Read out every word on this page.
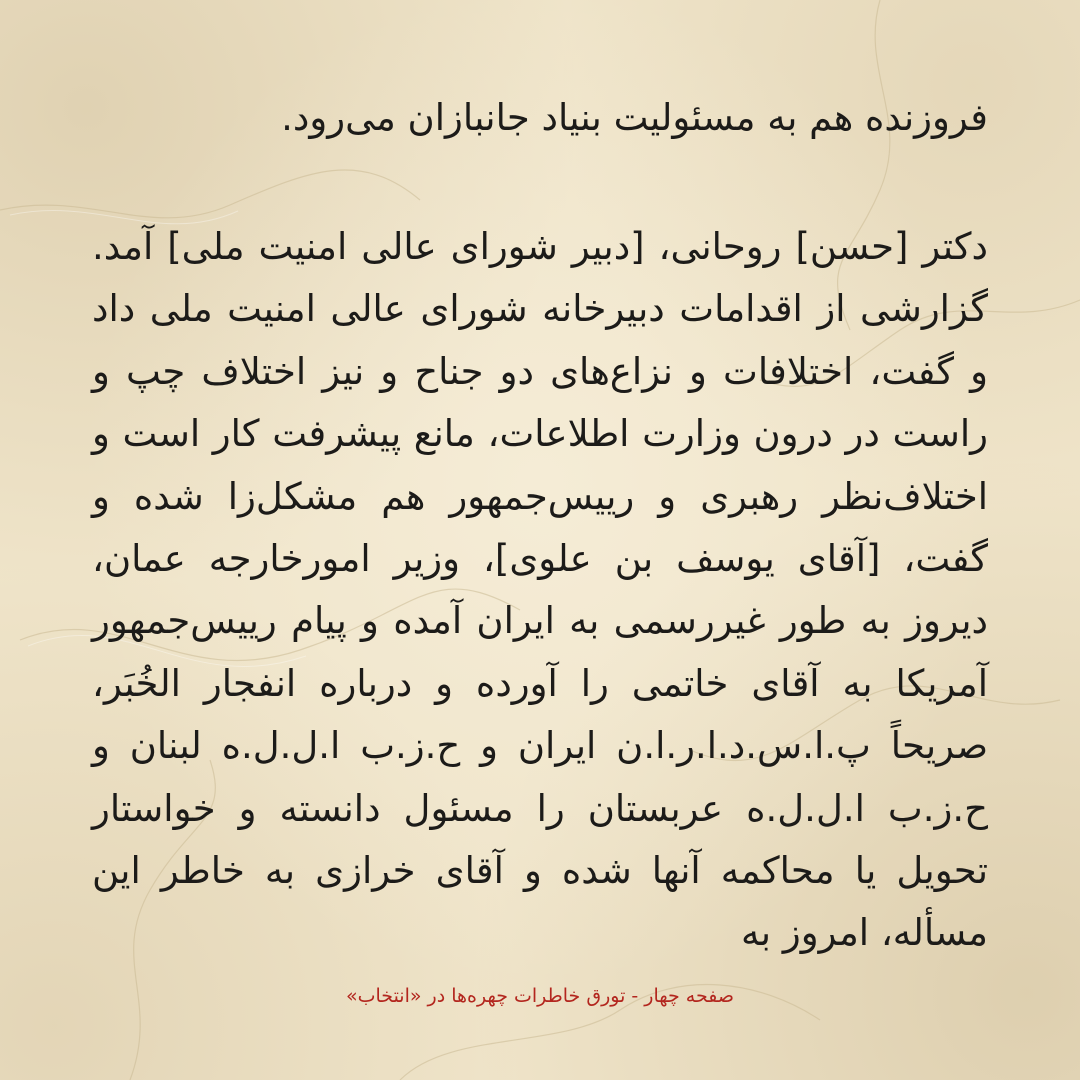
فروزنده هم به مسئولیت بنیاد جانبازان می‌رود.

دکتر [حسن] روحانی، [دبیر شورای عالی امنیت ملی] آمد. گزارشی از اقدامات دبیرخانه شورای عالی امنیت ملی داد و گفت، اختلافات و نزاع‌های دو جناح و نیز اختلاف چپ و راست در درون وزارت اطلاعات، مانع پیشرفت کار است و اختلاف‌نظر رهبری و رییس‌جمهور هم مشکل‌زا شده و گفت، [آقای یوسف بن علوی]، وزیر امورخارجه عمان، دیروز به طور غیررسمی به ایران آمده و پیام رییس‌جمهور آمریکا به آقای خاتمی را آورده و درباره انفجار الخُبَر، صریحاً پ.ا.س.د.ا.ر.ا.ن ایران و ح.ز.ب ا.ل.ل.ه لبنان و ح.ز.ب ا.ل.ل.ه عربستان را مسئول دانسته و خواستار تحویل یا محاکمه آنها شده و آقای خرازی به خاطر این مسأله، امروز به

صفحه چهار - تورق خاطرات چهره‌ها در «انتخاب»
